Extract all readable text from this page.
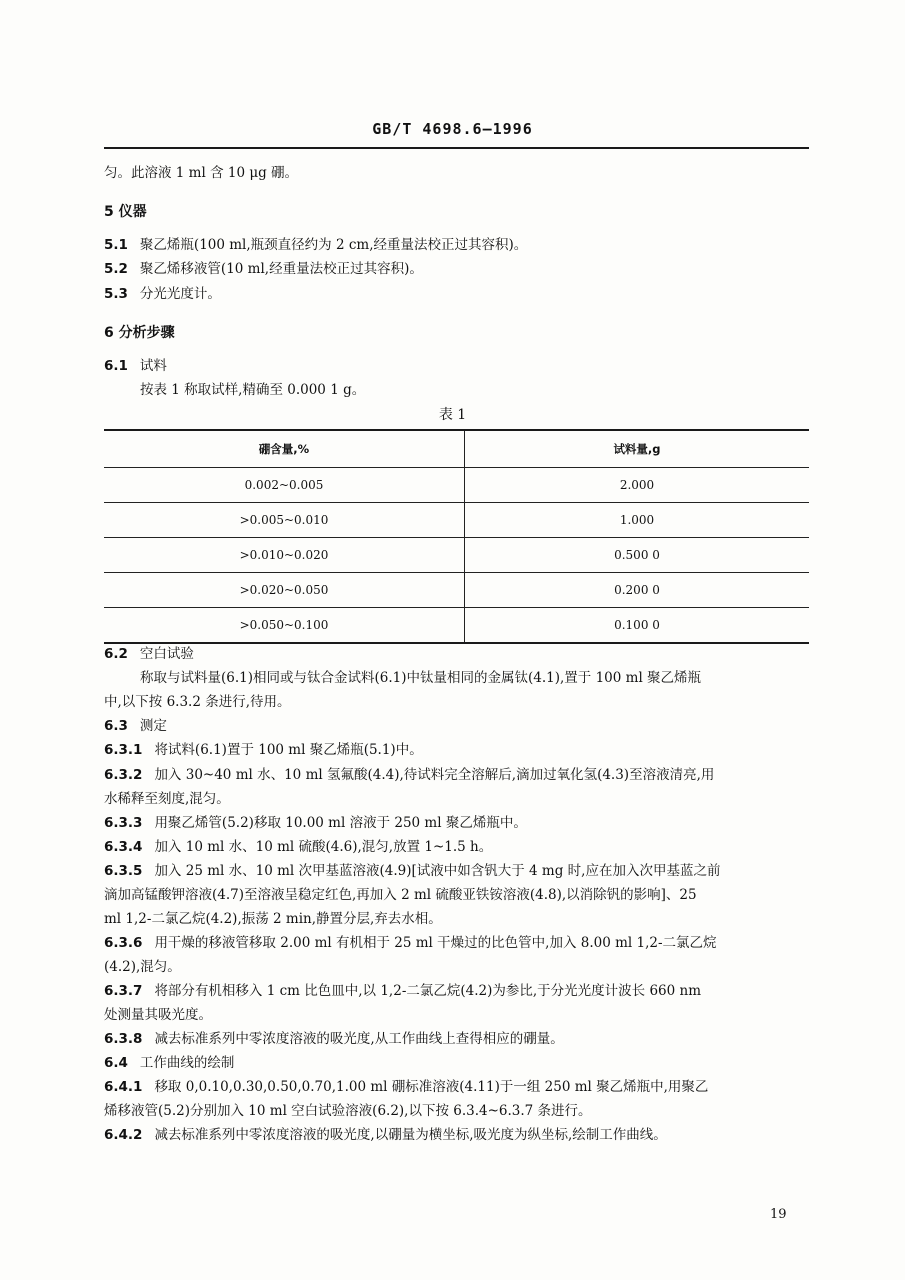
GB/T 4698.6—1996
匀。此溶液 1 ml 含 10 μg 硼。
5 仪器
5.1 聚乙烯瓶(100 ml,瓶颈直径约为 2 cm,经重量法校正过其容积)。
5.2 聚乙烯移液管(10 ml,经重量法校正过其容积)。
5.3 分光光度计。
6 分析步骤
6.1 试料
按表 1 称取试样,精确至 0.000 1 g。
表 1
硼含量,%	试料量,g
0.002~0.005	2.000
>0.005~0.010	1.000
>0.010~0.020	0.500 0
>0.020~0.050	0.200 0
>0.050~0.100	0.100 0
6.2 空白试验
称取与试料量(6.1)相同或与钛合金试料(6.1)中钛量相同的金属钛(4.1),置于 100 ml 聚乙烯瓶
中,以下按 6.3.2 条进行,待用。
6.3 测定
6.3.1 将试料(6.1)置于 100 ml 聚乙烯瓶(5.1)中。
6.3.2 加入 30~40 ml 水、10 ml 氢氟酸(4.4),待试料完全溶解后,滴加过氧化氢(4.3)至溶液清亮,用
水稀释至刻度,混匀。
6.3.3 用聚乙烯管(5.2)移取 10.00 ml 溶液于 250 ml 聚乙烯瓶中。
6.3.4 加入 10 ml 水、10 ml 硫酸(4.6),混匀,放置 1~1.5 h。
6.3.5 加入 25 ml 水、10 ml 次甲基蓝溶液(4.9)[试液中如含钒大于 4 mg 时,应在加入次甲基蓝之前
滴加高锰酸钾溶液(4.7)至溶液呈稳定红色,再加入 2 ml 硫酸亚铁铵溶液(4.8),以消除钒的影响]、25
ml 1,2-二氯乙烷(4.2),振荡 2 min,静置分层,弃去水相。
6.3.6 用干燥的移液管移取 2.00 ml 有机相于 25 ml 干燥过的比色管中,加入 8.00 ml 1,2-二氯乙烷
(4.2),混匀。
6.3.7 将部分有机相移入 1 cm 比色皿中,以 1,2-二氯乙烷(4.2)为参比,于分光光度计波长 660 nm
处测量其吸光度。
6.3.8 减去标准系列中零浓度溶液的吸光度,从工作曲线上查得相应的硼量。
6.4 工作曲线的绘制
6.4.1 移取 0,0.10,0.30,0.50,0.70,1.00 ml 硼标准溶液(4.11)于一组 250 ml 聚乙烯瓶中,用聚乙
烯移液管(5.2)分别加入 10 ml 空白试验溶液(6.2),以下按 6.3.4~6.3.7 条进行。
6.4.2 减去标准系列中零浓度溶液的吸光度,以硼量为横坐标,吸光度为纵坐标,绘制工作曲线。
19
